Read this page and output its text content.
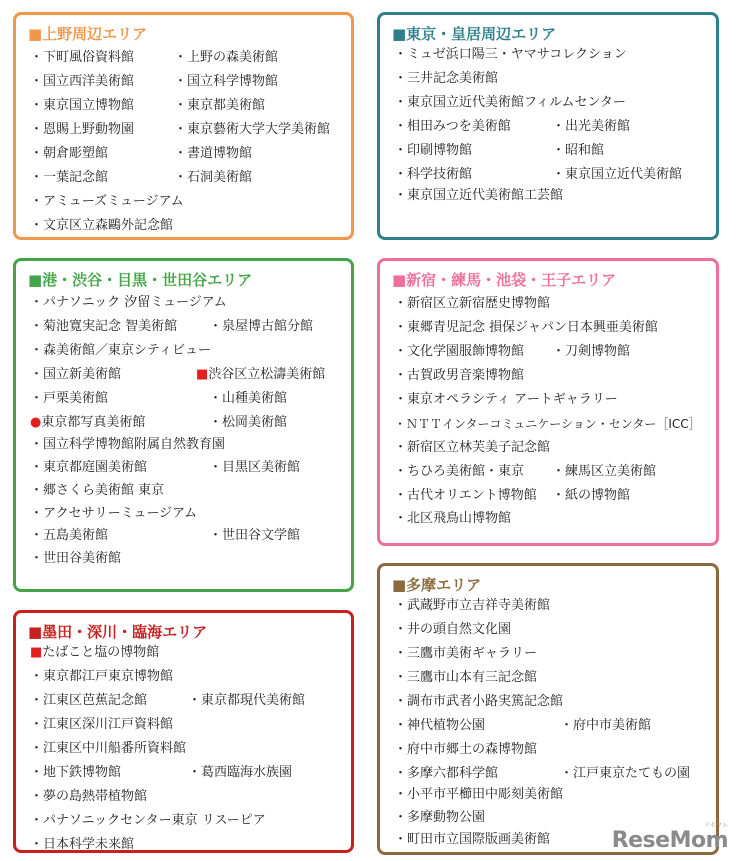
■上野周辺エリア
・下町風俗資料館	・上野の森美術館
・国立西洋美術館	・国立科学博物館
・東京国立博物館	・東京都美術館
・恩賜上野動物園	・東京藝術大学大学美術館
・朝倉彫塑館	・書道博物館
・一葉記念館	・石洞美術館
・アミューズミュージアム
・文京区立森鷗外記念館
■東京・皇居周辺エリア
・ミュゼ浜口陽三・ヤマサコレクション
・三井記念美術館
・東京国立近代美術館フィルムセンター
・相田みつを美術館	・出光美術館
・印刷博物館	・昭和館
・科学技術館	・東京国立近代美術館
・東京国立近代美術館工芸館
■港・渋谷・目黒・世田谷エリア
・パナソニック 汐留ミュージアム
・菊池寛実記念 智美術館 ・泉屋博古館分館
・森美術館／東京シティビュー
・国立新美術館	■渋谷区立松濤美術館
・戸栗美術館	・山種美術館
●東京都写真美術館	・松岡美術館
・国立科学博物館附属自然教育園
・東京都庭園美術館	・目黒区美術館
・郷さくら美術館 東京
・アクセサリーミュージアム
・五島美術館	・世田谷文学館
・世田谷美術館
■新宿・練馬・池袋・王子エリア
・新宿区立新宿歴史博物館
・東郷青児記念 損保ジャパン日本興亜美術館
・文化学園服飾博物館 ・刀剣博物館
・古賀政男音楽博物館
・東京オペラシティ アートギャラリー
・ＮＴＴインターコミュニケーション・センター［ICC］
・新宿区立林芙美子記念館
・ちひろ美術館・東京 ・練馬区立美術館
・古代オリエント博物館 ・紙の博物館
・北区飛鳥山博物館
■墨田・深川・臨海エリア
■たばこと塩の博物館
・東京都江戸東京博物館
・江東区芭蕉記念館	・東京都現代美術館
・江東区深川江戸資料館
・江東区中川船番所資料館
・地下鉄博物館	・葛西臨海水族園
・夢の島熱帯植物館
・パナソニックセンター東京 リスーピア
・日本科学未来館
■多摩エリア
・武蔵野市立吉祥寺美術館
・井の頭自然文化園
・三鷹市美術ギャラリー
・三鷹市山本有三記念館
・調布市武者小路実篤記念館
・神代植物公園	・府中市美術館
・府中市郷土の森博物館
・多摩六都科学館	・江戸東京たてもの園
・小平市平櫛田中彫刻美術館
・多摩動物公園
・町田市立国際版画美術館
リセマム
ReseMom
